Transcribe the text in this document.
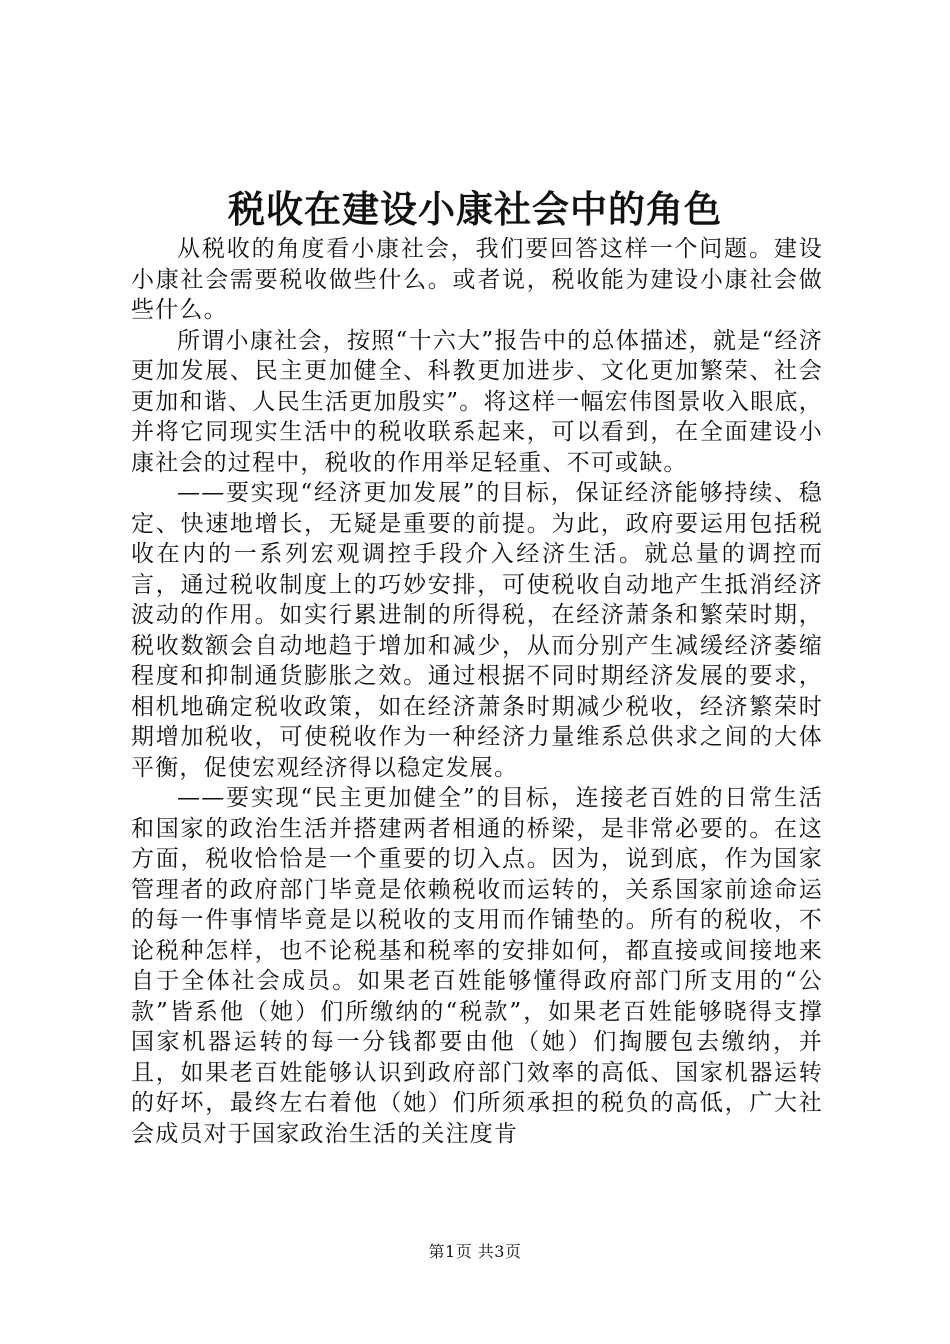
税收在建设小康社会中的角色

从税收的角度看小康社会，我们要回答这样一个问题。建设小康社会需要税收做些什么。或者说，税收能为建设小康社会做些什么。

所谓小康社会，按照“十六大”报告中的总体描述，就是“经济更加发展、民主更加健全、科教更加进步、文化更加繁荣、社会更加和谐、人民生活更加殷实”。将这样一幅宏伟图景收入眼底，并将它同现实生活中的税收联系起来，可以看到，在全面建设小康社会的过程中，税收的作用举足轻重、不可或缺。

——要实现“经济更加发展”的目标，保证经济能够持续、稳定、快速地增长，无疑是重要的前提。为此，政府要运用包括税收在内的一系列宏观调控手段介入经济生活。就总量的调控而言，通过税收制度上的巧妙安排，可使税收自动地产生抵消经济波动的作用。如实行累进制的所得税，在经济萧条和繁荣时期，税收数额会自动地趋于增加和减少，从而分别产生减缓经济萎缩程度和抑制通货膨胀之效。通过根据不同时期经济发展的要求，相机地确定税收政策，如在经济萧条时期减少税收，经济繁荣时期增加税收，可使税收作为一种经济力量维系总供求之间的大体平衡，促使宏观经济得以稳定发展。

——要实现“民主更加健全”的目标，连接老百姓的日常生活和国家的政治生活并搭建两者相通的桥梁，是非常必要的。在这方面，税收恰恰是一个重要的切入点。因为，说到底，作为国家管理者的政府部门毕竟是依赖税收而运转的，关系国家前途命运的每一件事情毕竟是以税收的支用而作铺垫的。所有的税收，不论税种怎样，也不论税基和税率的安排如何，都直接或间接地来自于全体社会成员。如果老百姓能够懂得政府部门所支用的“公款”皆系他（她）们所缴纳的“税款”，如果老百姓能够晓得支撑国家机器运转的每一分钱都要由他（她）们掏腰包去缴纳，并且，如果老百姓能够认识到政府部门效率的高低、国家机器运转的好坏，最终左右着他（她）们所须承担的税负的高低，广大社会成员对于国家政治生活的关注度肯

第1页 共3页
